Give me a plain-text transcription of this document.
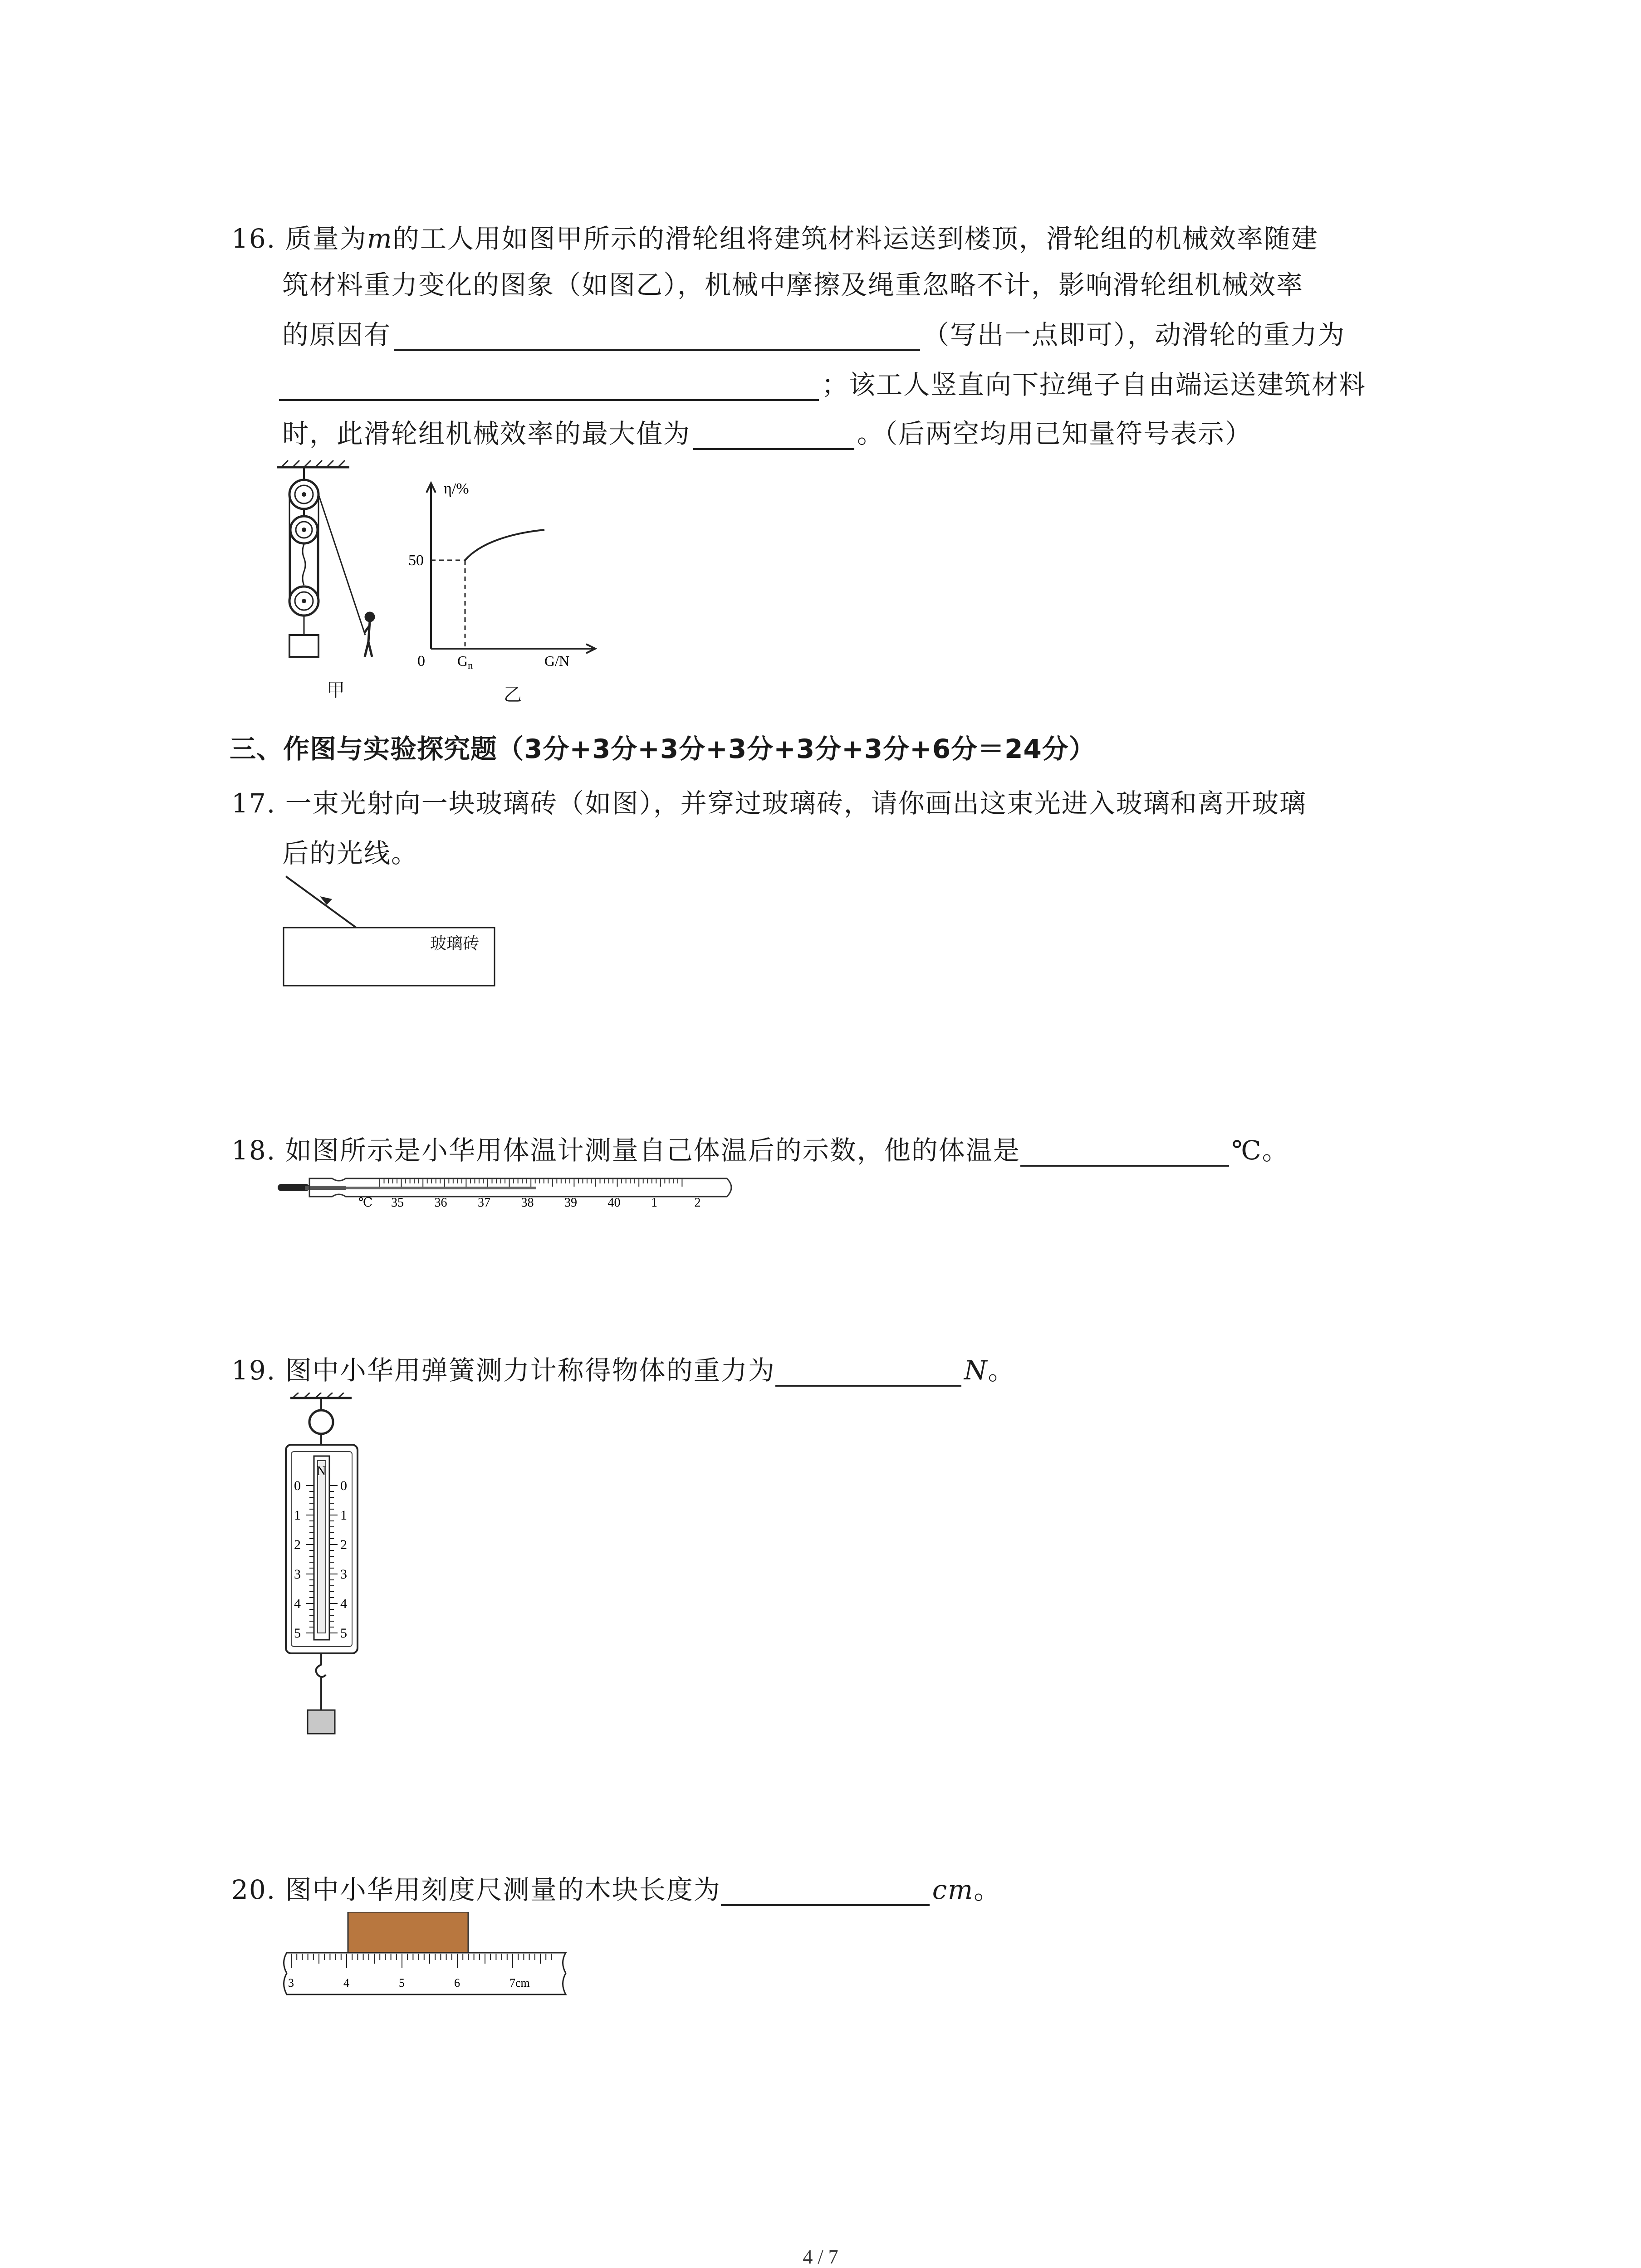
16. 质量为m的工人用如图甲所示的滑轮组将建筑材料运送到楼顶，滑轮组的机械效率随建
筑材料重力变化的图象（如图乙），机械中摩擦及绳重忽略不计，影响滑轮组机械效率
的原因有	（写出一点即可），动滑轮的重力为
；该工人竖直向下拉绳子自由端运送建筑材料
时，此滑轮组机械效率的最大值为	。（后两空均用已知量符号表示）
甲
η/%
50
0 Gn	G/N
乙
三、作图与实验探究题（3分+3分+3分+3分+3分+3分+6分＝24分）
17. 一束光射向一块玻璃砖（如图），并穿过玻璃砖，请你画出这束光进入玻璃和离开玻璃
后的光线。
玻璃砖
18. 如图所示是小华用体温计测量自己体温后的示数，他的体温是	℃。
℃ 35 36 37 38 39 40 1	2
19. 图中小华用弹簧测力计称得物体的重力为	N。
N
0	0
1	1
2	2
3	3
4	4
5	5
20. 图中小华用刻度尺测量的木块长度为	cm。
3	4	5	6	7cm
4 / 7
